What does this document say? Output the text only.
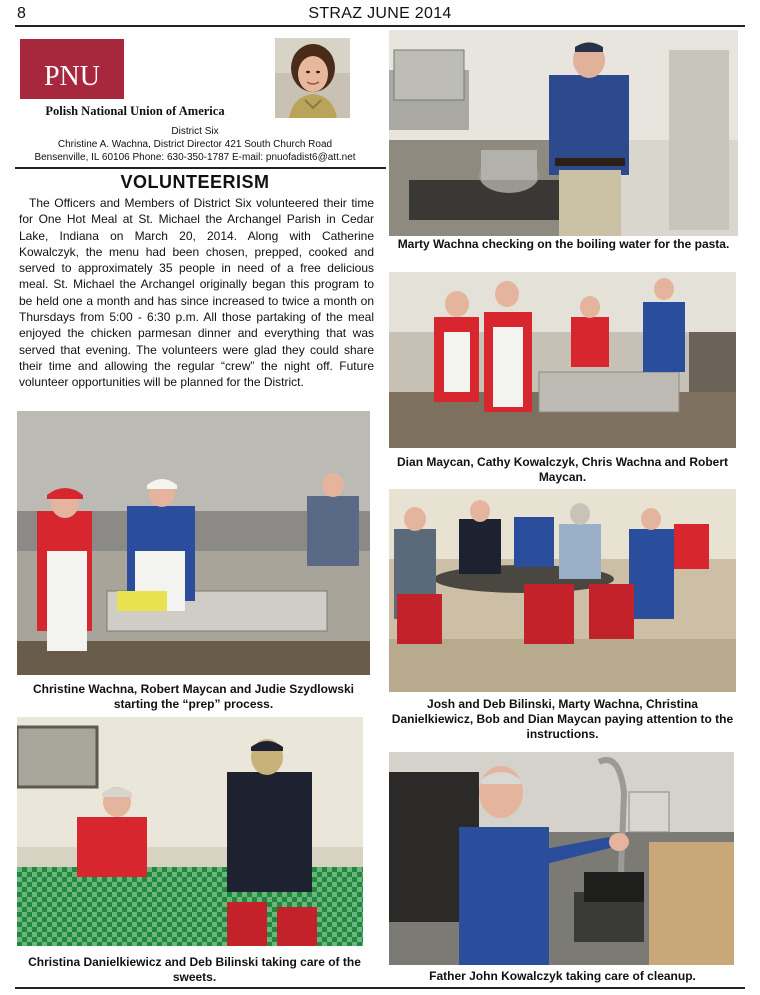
8	STRAZ JUNE 2014
PNU
Polish National Union of America
District Six
Christine A. Wachna, District Director 421 South Church Road
Bensenville, IL 60106 Phone: 630-350-1787 E-mail: pnuofadist6@att.net
VOLUNTEERISM
The Officers and Members of District Six volunteered their time for One Hot Meal at St. Michael the Archangel Parish in Cedar Lake, Indiana on March 20, 2014. Along with Catherine Kowalczyk, the menu had been chosen, prepped, cooked and served to approximately 35 people in need of a free delicious meal. St. Michael the Archangel originally began this program to be held one a month and has since increased to twice a month on Thursdays from 5:00 - 6:30 p.m. All those partaking of the meal enjoyed the chicken parmesan dinner and everything that was served that evening. The volunteers were glad they could share their time and allowing the regular “crew” the night off. Future volunteer opportunities will be planned for the District.
Marty Wachna checking on the boiling water for the pasta.
Dian Maycan, Cathy Kowalczyk, Chris Wachna and Robert Maycan.
Christine Wachna, Robert Maycan and Judie Szydlowski starting the “prep” process.	Josh and Deb Bilinski, Marty Wachna, Christina Danielkiewicz, Bob and Dian Maycan paying attention to the instructions.
Christina Danielkiewicz and Deb Bilinski taking care of the sweets.	Father John Kowalczyk taking care of cleanup.
